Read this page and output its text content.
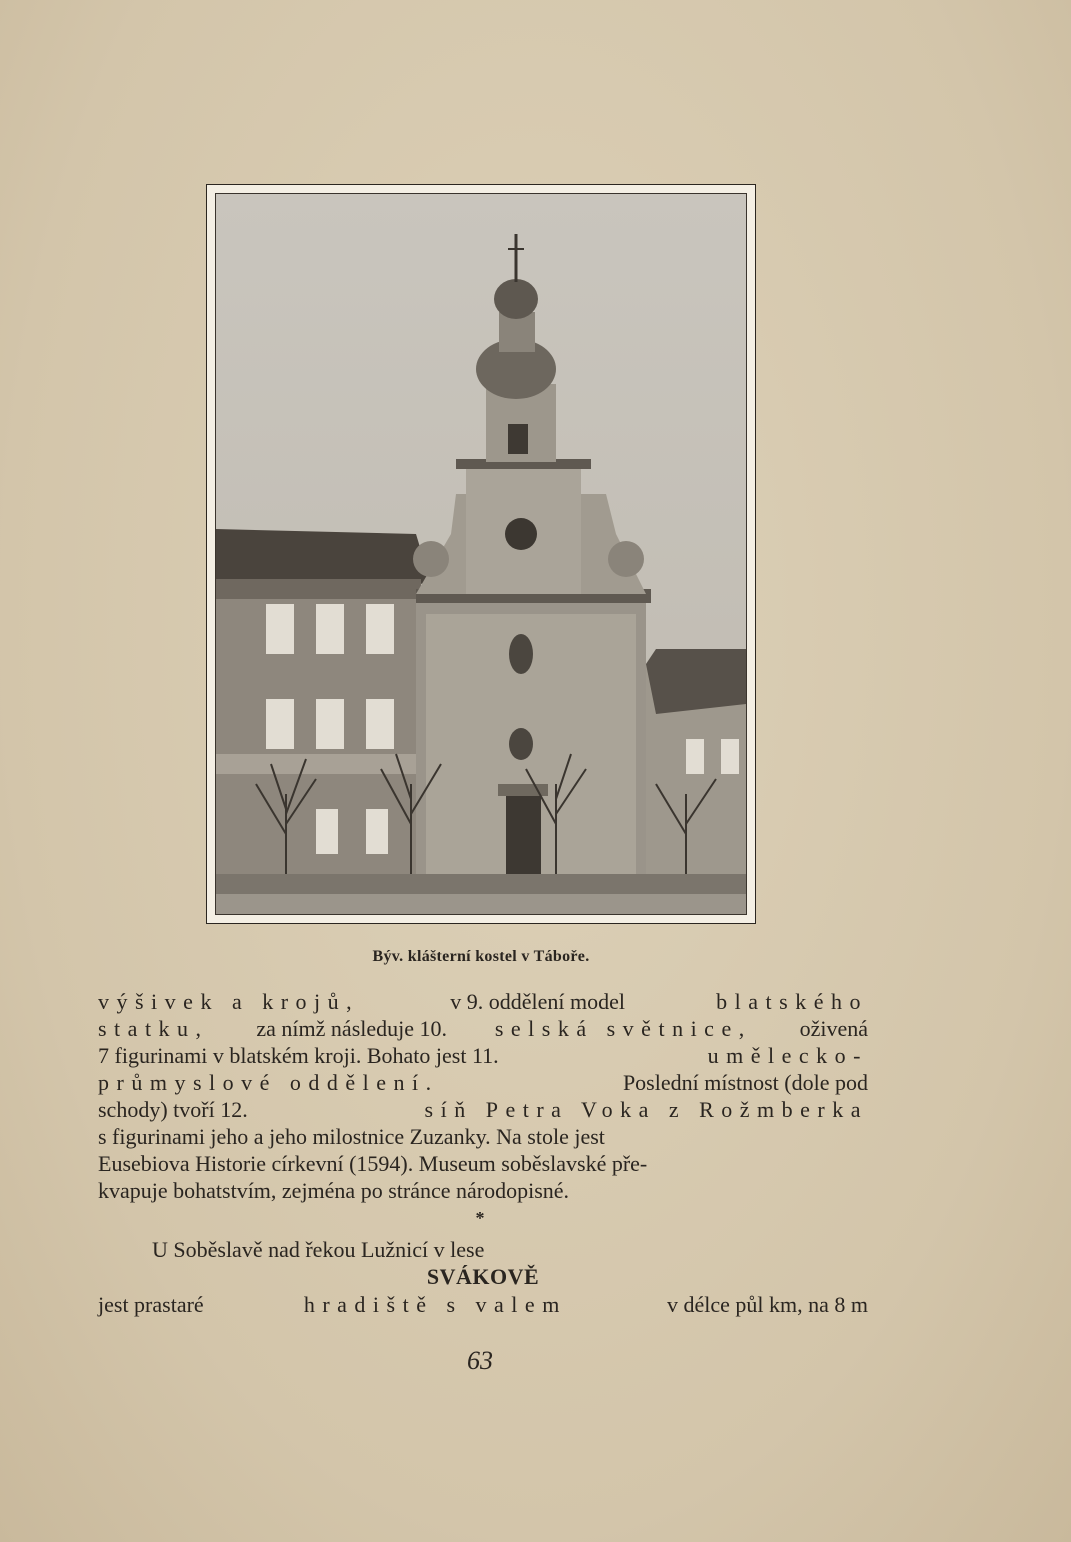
Býv. klášterní kostel v Táboře.
výšivek a krojů,	v 9. oddělení model	blatského
statku, za nímž následuje 10. selská světnice, oživená
7 figurinami v blatském kroji. Bohato jest 11.	umělecko-
průmyslové oddělení.	Poslední místnost (dole pod
schody) tvoří 12.	síň Petra Voka z Rožmberka
s figurinami jeho a jeho milostnice Zuzanky. Na stole jest
Eusebiova Historie církevní (1594). Museum soběslavské pře-
kvapuje bohatstvím, zejména po stránce národopisné.
*
U Soběslavě nad řekou Lužnicí v lese
SVÁKOVĚ
jest prastaré	hradiště s valem	v délce půl km, na 8 m
63
